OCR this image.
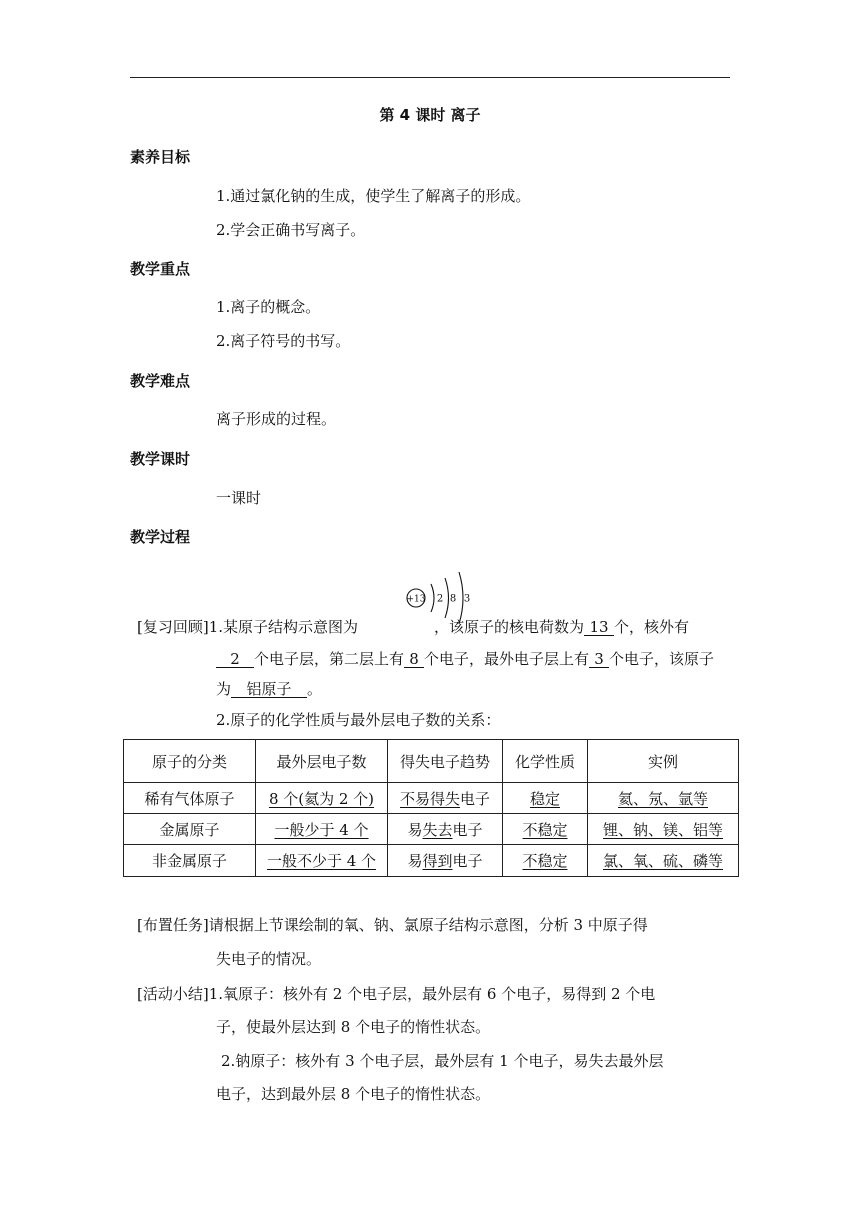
第 4 课时 离子
素养目标
1.通过氯化钠的生成，使学生了解离子的形成。
2.学会正确书写离子。
教学重点
1.离子的概念。
2.离子符号的书写。
教学难点
离子形成的过程。
教学课时
一课时
教学过程
+13 2 8 3
[复习回顾]1.某原子结构示意图为	，该原子的核电荷数为 13 个，核外有
2 个电子层，第二层上有 8 个电子，最外电子层上有 3 个电子，该原子
为 铝原子 。
2.原子的化学性质与最外层电子数的关系：
原子的分类	最外层电子数	得失电子趋势	化学性质	实例
稀有气体原子	8 个(氦为 2 个)	不易得失电子	稳定	氦、氖、氩等
金属原子	一般少于 4 个	易失去电子	不稳定	锂、钠、镁、铝等
非金属原子	一般不少于 4 个	易得到电子	不稳定	氯、氧、硫、磷等
[布置任务]请根据上节课绘制的氧、钠、氯原子结构示意图，分析 3 中原子得
失电子的情况。
[活动小结]1.氧原子：核外有 2 个电子层，最外层有 6 个电子，易得到 2 个电
子，使最外层达到 8 个电子的惰性状态。
2.钠原子：核外有 3 个电子层，最外层有 1 个电子，易失去最外层
电子，达到最外层 8 个电子的惰性状态。
